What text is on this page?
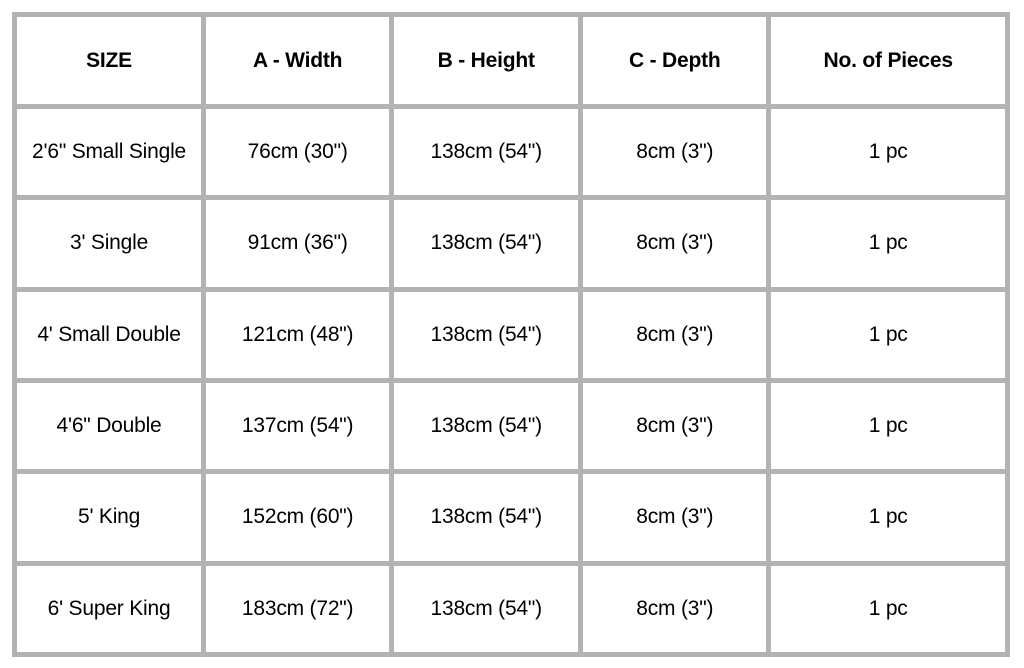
SIZE	A - Width	B - Height	C - Depth	No. of Pieces
2'6" Small Single	76cm (30")	138cm (54")	8cm (3")	1 pc
3' Single	91cm (36")	138cm (54")	8cm (3")	1 pc
4' Small Double	121cm (48")	138cm (54")	8cm (3")	1 pc
4'6" Double	137cm (54")	138cm (54")	8cm (3")	1 pc
5' King	152cm (60")	138cm (54")	8cm (3")	1 pc
6' Super King	183cm (72")	138cm (54")	8cm (3")	1 pc
